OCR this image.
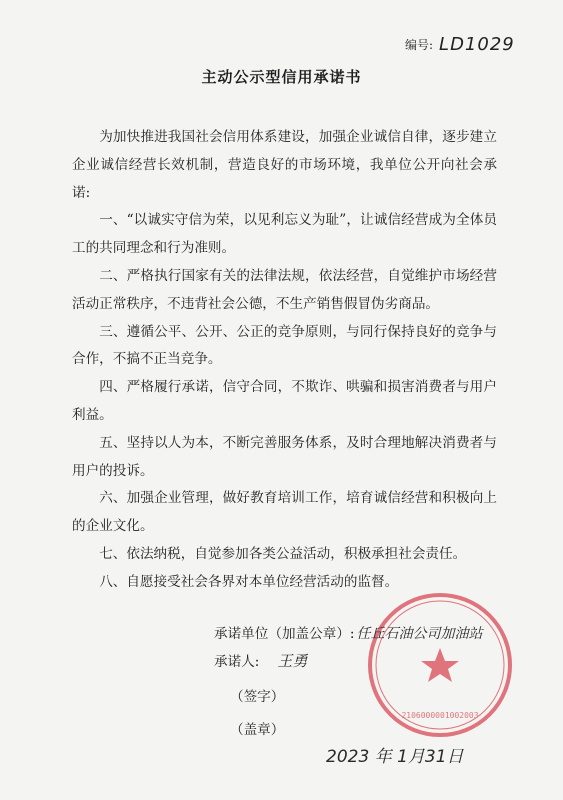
编号: LD1029
主动公示型信用承诺书

为加快推进我国社会信用体系建设，加强企业诚信自律，逐步建立企业诚信经营长效机制，营造良好的市场环境，我单位公开向社会承诺:

一、“以诚实守信为荣，以见利忘义为耻”，让诚信经营成为全体员工的共同理念和行为准则。

二、严格执行国家有关的法律法规，依法经营，自觉维护市场经营活动正常秩序，不违背社会公德，不生产销售假冒伪劣商品。

三、遵循公平、公开、公正的竞争原则，与同行保持良好的竞争与合作，不搞不正当竞争。

四、严格履行承诺，信守合同，不欺诈、哄骗和损害消费者与用户利益。

五、坚持以人为本，不断完善服务体系，及时合理地解决消费者与用户的投诉。

六、加强企业管理，做好教育培训工作，培育诚信经营和积极向上的企业文化。

七、依法纳税，自觉参加各类公益活动，积极承担社会责任。

八、自愿接受社会各界对本单位经营活动的监督。

2106000001002003
承诺单位（加盖公章）: 任丘石油公司加油站
承诺人: 王勇
（签字）
（盖章）
2023 年 1月31日
